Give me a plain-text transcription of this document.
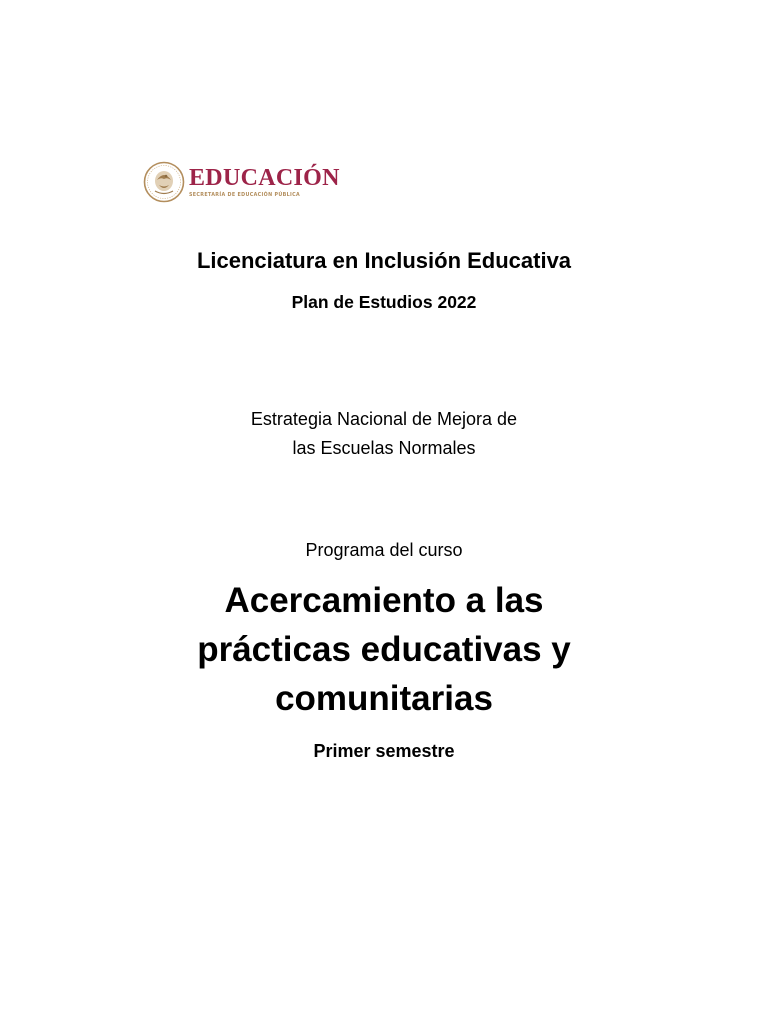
EDUCACIÓN
SECRETARÍA DE EDUCACIÓN PÚBLICA
Licenciatura en Inclusión Educativa
Plan de Estudios 2022

Estrategia Nacional de Mejora de
las Escuelas Normales

Programa del curso

Acercamiento a las
prácticas educativas y
comunitarias

Primer semestre
